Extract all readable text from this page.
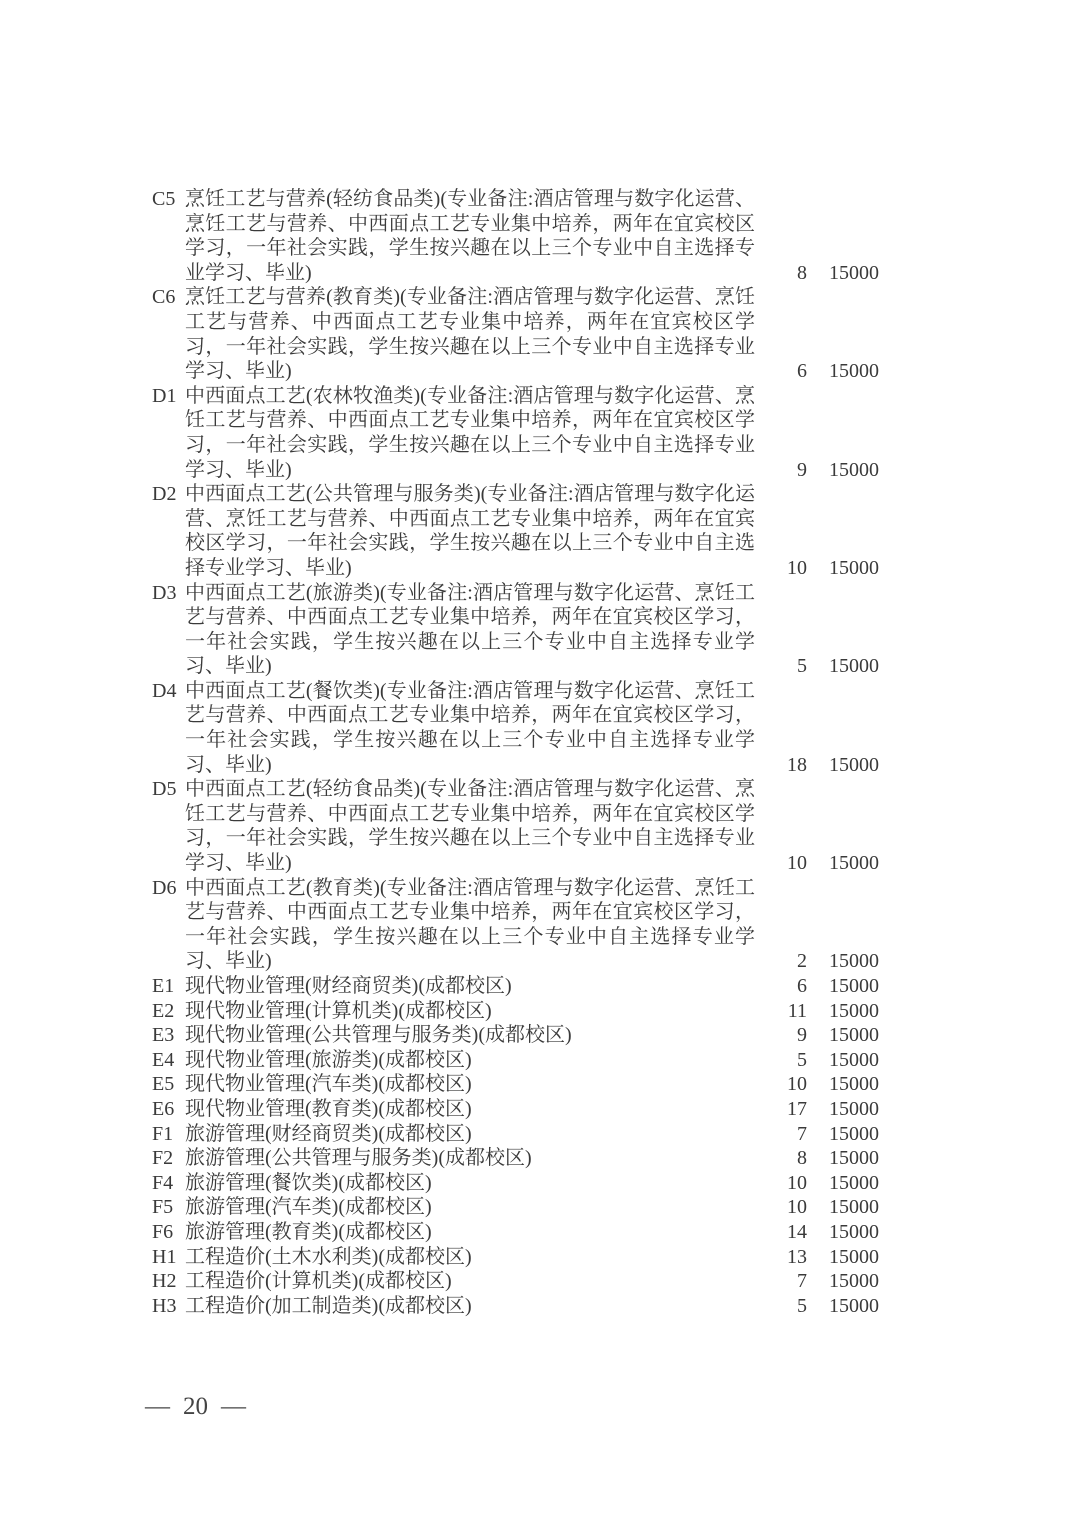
C5 烹饪工艺与营养(轻纺食品类)(专业备注:酒店管理与数字化运营、烹饪工艺与营养、中西面点工艺专业集中培养，两年在宜宾校区学习，一年社会实践，学生按兴趣在以上三个专业中自主选择专业学习、毕业)	8	15000
C6 烹饪工艺与营养(教育类)(专业备注:酒店管理与数字化运营、烹饪工艺与营养、中西面点工艺专业集中培养，两年在宜宾校区学习，一年社会实践，学生按兴趣在以上三个专业中自主选择专业学习、毕业)	6	15000
D1 中西面点工艺(农林牧渔类)(专业备注:酒店管理与数字化运营、烹饪工艺与营养、中西面点工艺专业集中培养，两年在宜宾校区学习，一年社会实践，学生按兴趣在以上三个专业中自主选择专业学习、毕业)	9	15000
D2 中西面点工艺(公共管理与服务类)(专业备注:酒店管理与数字化运营、烹饪工艺与营养、中西面点工艺专业集中培养，两年在宜宾校区学习，一年社会实践，学生按兴趣在以上三个专业中自主选择专业学习、毕业)	10	15000
D3 中西面点工艺(旅游类)(专业备注:酒店管理与数字化运营、烹饪工艺与营养、中西面点工艺专业集中培养，两年在宜宾校区学习，一年社会实践，学生按兴趣在以上三个专业中自主选择专业学习、毕业)	5	15000
D4 中西面点工艺(餐饮类)(专业备注:酒店管理与数字化运营、烹饪工艺与营养、中西面点工艺专业集中培养，两年在宜宾校区学习，一年社会实践，学生按兴趣在以上三个专业中自主选择专业学习、毕业)	18	15000
D5 中西面点工艺(轻纺食品类)(专业备注:酒店管理与数字化运营、烹饪工艺与营养、中西面点工艺专业集中培养，两年在宜宾校区学习，一年社会实践，学生按兴趣在以上三个专业中自主选择专业学习、毕业)	10	15000
D6 中西面点工艺(教育类)(专业备注:酒店管理与数字化运营、烹饪工艺与营养、中西面点工艺专业集中培养，两年在宜宾校区学习，一年社会实践，学生按兴趣在以上三个专业中自主选择专业学习、毕业)	2	15000
E1 现代物业管理(财经商贸类)(成都校区)	6	15000
E2 现代物业管理(计算机类)(成都校区)	11	15000
E3 现代物业管理(公共管理与服务类)(成都校区)	9	15000
E4 现代物业管理(旅游类)(成都校区)	5	15000
E5 现代物业管理(汽车类)(成都校区)	10	15000
E6 现代物业管理(教育类)(成都校区)	17	15000
F1 旅游管理(财经商贸类)(成都校区)	7	15000
F2 旅游管理(公共管理与服务类)(成都校区)	8	15000
F4 旅游管理(餐饮类)(成都校区)	10	15000
F5 旅游管理(汽车类)(成都校区)	10	15000
F6 旅游管理(教育类)(成都校区)	14	15000
H1 工程造价(土木水利类)(成都校区)	13	15000
H2 工程造价(计算机类)(成都校区)	7	15000
H3 工程造价(加工制造类)(成都校区)	5	15000
— 20 —
